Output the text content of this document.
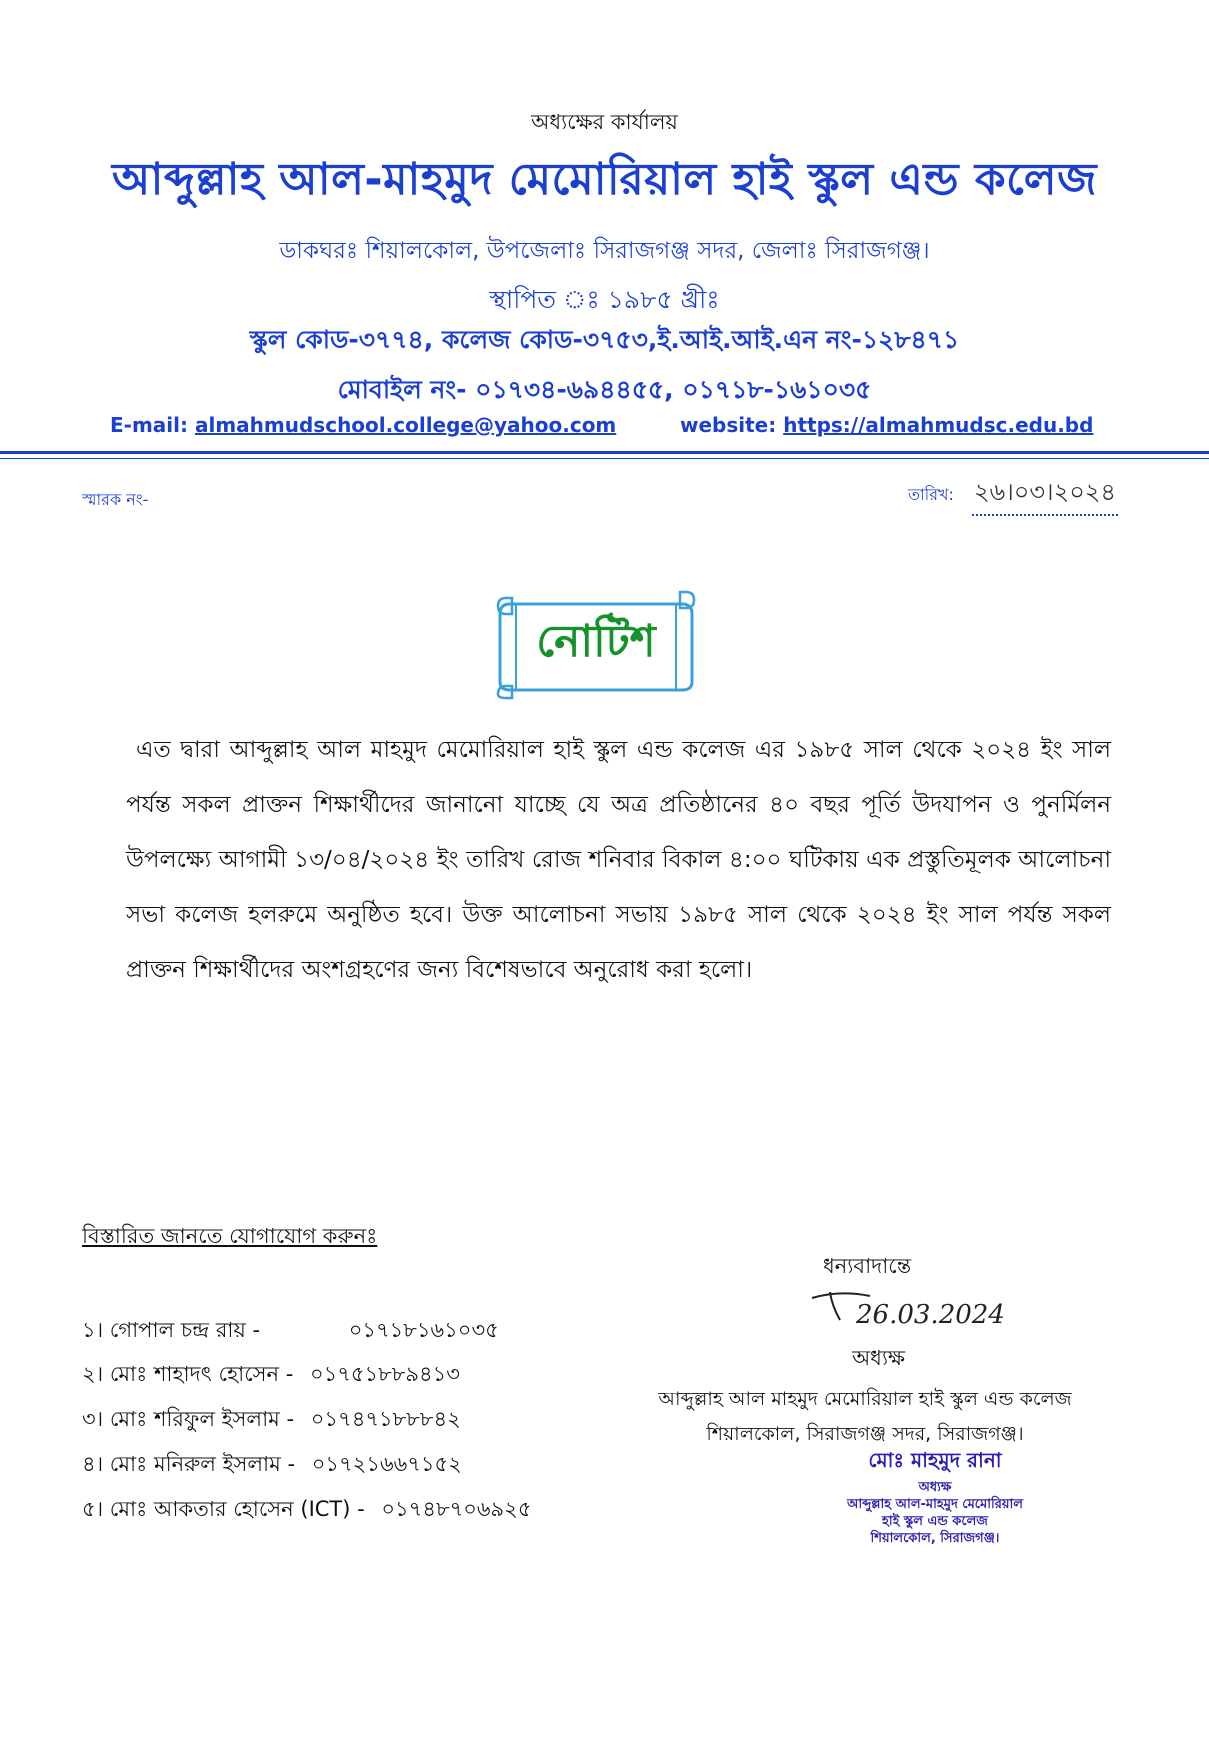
অধ্যক্ষের কার্যালয়
আব্দুল্লাহ আল-মাহমুদ মেমোরিয়াল হাই স্কুল এন্ড কলেজ
ডাকঘরঃ শিয়ালকোল, উপজেলাঃ সিরাজগঞ্জ সদর, জেলাঃ সিরাজগঞ্জ।
স্থাপিত ঃ ১৯৮৫ খ্রীঃ
স্কুল কোড-৩৭৭৪, কলেজ কোড-৩৭৫৩,ই.আই.আই.এন নং-১২৮৪৭১
মোবাইল নং- ০১৭৩৪-৬৯৪৪৫৫, ০১৭১৮-১৬১০৩৫
E-mail: almahmudschool.college@yahoo.com	website: https://almahmudsc.edu.bd
স্মারক নং-	তারিখ: ২৬।০৩।২০২৪
নোটিশ
এত দ্বারা আব্দুল্লাহ আল মাহমুদ মেমোরিয়াল হাই স্কুল এন্ড কলেজ এর ১৯৮৫ সাল থেকে ২০২৪ ইং সাল পর্যন্ত সকল প্রাক্তন শিক্ষার্থীদের জানানো যাচ্ছে যে অত্র প্রতিষ্ঠানের ৪০ বছর পূর্তি উদযাপন ও পুনর্মিলন উপলক্ষ্যে আগামী ১৩/০৪/২০২৪ ইং তারিখ রোজ শনিবার বিকাল ৪:০০ ঘটিকায় এক প্রস্তুতিমূলক আলোচনা সভা কলেজ হলরুমে অনুষ্ঠিত হবে। উক্ত আলোচনা সভায় ১৯৮৫ সাল থেকে ২০২৪ ইং সাল পর্যন্ত সকল প্রাক্তন শিক্ষার্থীদের অংশগ্রহণের জন্য বিশেষভাবে অনুরোধ করা হলো।
বিস্তারিত জানতে যোগাযোগ করুনঃ
১। গোপাল চন্দ্র রায় -	০১৭১৮১৬১০৩৫
২। মোঃ শাহাদৎ হোসেন - ০১৭৫১৮৮৯৪১৩
৩। মোঃ শরিফুল ইসলাম - ০১৭৪৭১৮৮৮৪২
৪। মোঃ মনিরুল ইসলাম - ০১৭২১৬৬৭১৫২
৫। মোঃ আকতার হোসেন (ICT) - ০১৭৪৮৭০৬৯২৫
ধন্যবাদান্তে
26.03.2024
অধ্যক্ষ
আব্দুল্লাহ আল মাহমুদ মেমোরিয়াল হাই স্কুল এন্ড কলেজ
শিয়ালকোল, সিরাজগঞ্জ সদর, সিরাজগঞ্জ।
মোঃ মাহমুদ রানা
অধ্যক্ষ
আব্দুল্লাহ আল-মাহমুদ মেমোরিয়াল
হাই স্কুল এন্ড কলেজ
শিয়ালকোল, সিরাজগঞ্জ।
